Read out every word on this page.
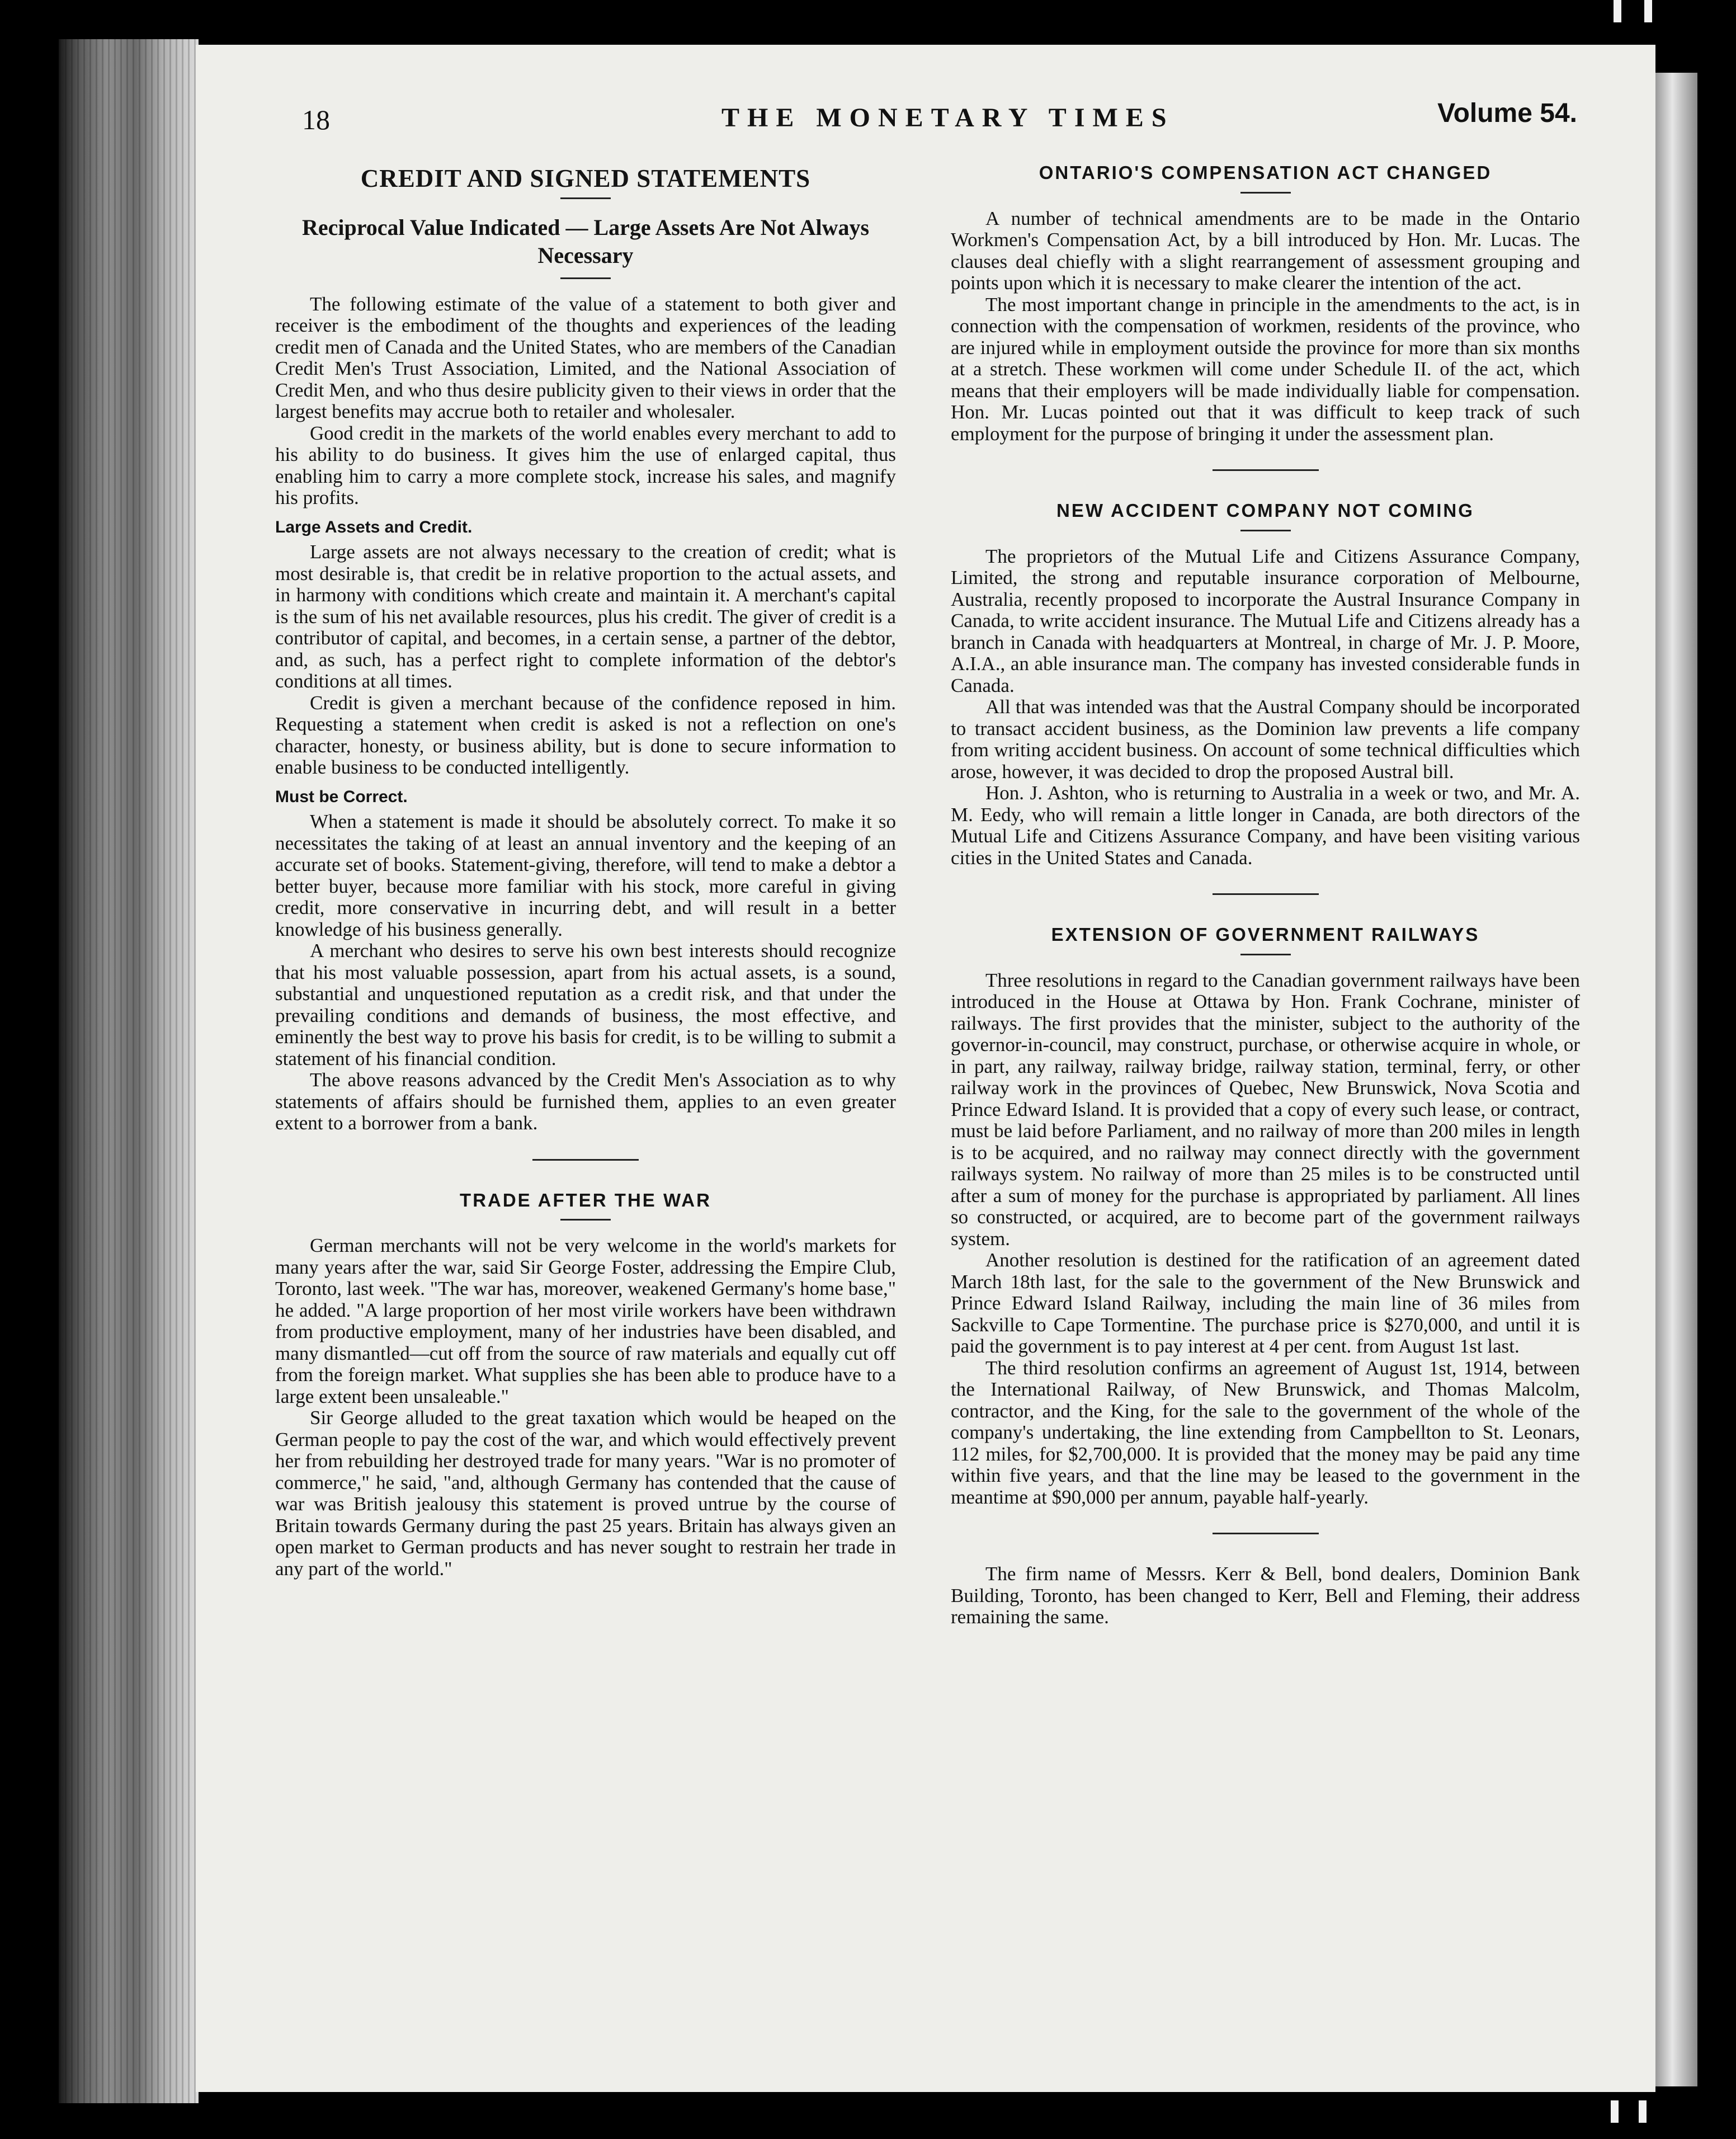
18	THE MONETARY TIMES	Volume 54.
CREDIT AND SIGNED STATEMENTS
Reciprocal Value Indicated — Large Assets Are Not Always Necessary

The following estimate of the value of a statement to both giver and receiver is the embodiment of the thoughts and experiences of the leading credit men of Canada and the United States, who are members of the Canadian Credit Men's Trust Association, Limited, and the National Association of Credit Men, and who thus desire publicity given to their views in order that the largest benefits may accrue both to retailer and wholesaler.

Good credit in the markets of the world enables every merchant to add to his ability to do business. It gives him the use of enlarged capital, thus enabling him to carry a more complete stock, increase his sales, and magnify his profits.

Large Assets and Credit.

Large assets are not always necessary to the creation of credit; what is most desirable is, that credit be in relative proportion to the actual assets, and in harmony with conditions which create and maintain it. A merchant's capital is the sum of his net available resources, plus his credit. The giver of credit is a contributor of capital, and becomes, in a certain sense, a partner of the debtor, and, as such, has a perfect right to complete information of the debtor's conditions at all times.

Credit is given a merchant because of the confidence reposed in him. Requesting a statement when credit is asked is not a reflection on one's character, honesty, or business ability, but is done to secure information to enable business to be conducted intelligently.

Must be Correct.

When a statement is made it should be absolutely correct. To make it so necessitates the taking of at least an annual inventory and the keeping of an accurate set of books. Statement-giving, therefore, will tend to make a debtor a better buyer, because more familiar with his stock, more careful in giving credit, more conservative in incurring debt, and will result in a better knowledge of his business generally.

A merchant who desires to serve his own best interests should recognize that his most valuable possession, apart from his actual assets, is a sound, substantial and unquestioned reputation as a credit risk, and that under the prevailing conditions and demands of business, the most effective, and eminently the best way to prove his basis for credit, is to be willing to submit a statement of his financial condition.

The above reasons advanced by the Credit Men's Association as to why statements of affairs should be furnished them, applies to an even greater extent to a borrower from a bank.

TRADE AFTER THE WAR

German merchants will not be very welcome in the world's markets for many years after the war, said Sir George Foster, addressing the Empire Club, Toronto, last week. "The war has, moreover, weakened Germany's home base," he added. "A large proportion of her most virile workers have been withdrawn from productive employment, many of her industries have been disabled, and many dismantled—cut off from the source of raw materials and equally cut off from the foreign market. What supplies she has been able to produce have to a large extent been unsaleable."

Sir George alluded to the great taxation which would be heaped on the German people to pay the cost of the war, and which would effectively prevent her from rebuilding her destroyed trade for many years. "War is no promoter of commerce," he said, "and, although Germany has contended that the cause of war was British jealousy this statement is proved untrue by the course of Britain towards Germany during the past 25 years. Britain has always given an open market to German products and has never sought to restrain her trade in any part of the world."

ONTARIO'S COMPENSATION ACT CHANGED

A number of technical amendments are to be made in the Ontario Workmen's Compensation Act, by a bill introduced by Hon. Mr. Lucas. The clauses deal chiefly with a slight rearrangement of assessment grouping and points upon which it is necessary to make clearer the intention of the act.

The most important change in principle in the amendments to the act, is in connection with the compensation of workmen, residents of the province, who are injured while in employment outside the province for more than six months at a stretch. These workmen will come under Schedule II. of the act, which means that their employers will be made individually liable for compensation. Hon. Mr. Lucas pointed out that it was difficult to keep track of such employment for the purpose of bringing it under the assessment plan.

NEW ACCIDENT COMPANY NOT COMING

The proprietors of the Mutual Life and Citizens Assurance Company, Limited, the strong and reputable insurance corporation of Melbourne, Australia, recently proposed to incorporate the Austral Insurance Company in Canada, to write accident insurance. The Mutual Life and Citizens already has a branch in Canada with headquarters at Montreal, in charge of Mr. J. P. Moore, A.I.A., an able insurance man. The company has invested considerable funds in Canada.

All that was intended was that the Austral Company should be incorporated to transact accident business, as the Dominion law prevents a life company from writing accident business. On account of some technical difficulties which arose, however, it was decided to drop the proposed Austral bill.

Hon. J. Ashton, who is returning to Australia in a week or two, and Mr. A. M. Eedy, who will remain a little longer in Canada, are both directors of the Mutual Life and Citizens Assurance Company, and have been visiting various cities in the United States and Canada.

EXTENSION OF GOVERNMENT RAILWAYS

Three resolutions in regard to the Canadian government railways have been introduced in the House at Ottawa by Hon. Frank Cochrane, minister of railways. The first provides that the minister, subject to the authority of the governor-in-council, may construct, purchase, or otherwise acquire in whole, or in part, any railway, railway bridge, railway station, terminal, ferry, or other railway work in the provinces of Quebec, New Brunswick, Nova Scotia and Prince Edward Island. It is provided that a copy of every such lease, or contract, must be laid before Parliament, and no railway of more than 200 miles in length is to be acquired, and no railway may connect directly with the government railways system. No railway of more than 25 miles is to be constructed until after a sum of money for the purchase is appropriated by parliament. All lines so constructed, or acquired, are to become part of the government railways system.

Another resolution is destined for the ratification of an agreement dated March 18th last, for the sale to the government of the New Brunswick and Prince Edward Island Railway, including the main line of 36 miles from Sackville to Cape Tormentine. The purchase price is $270,000, and until it is paid the government is to pay interest at 4 per cent. from August 1st last.

The third resolution confirms an agreement of August 1st, 1914, between the International Railway, of New Brunswick, and Thomas Malcolm, contractor, and the King, for the sale to the government of the whole of the company's undertaking, the line extending from Campbellton to St. Leonars, 112 miles, for $2,700,000. It is provided that the money may be paid any time within five years, and that the line may be leased to the government in the meantime at $90,000 per annum, payable half-yearly.

The firm name of Messrs. Kerr & Bell, bond dealers, Dominion Bank Building, Toronto, has been changed to Kerr, Bell and Fleming, their address remaining the same.
